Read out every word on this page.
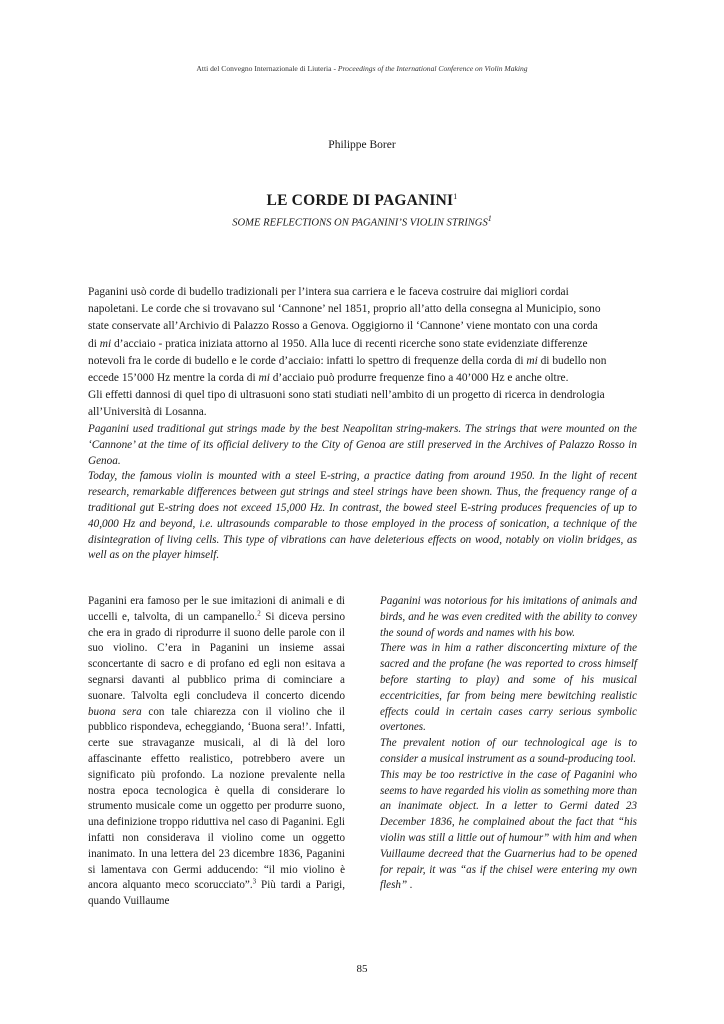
Atti del Convegno Internazionale di Liuteria - Proceedings of the International Conference on Violin Making
Philippe Borer
LE CORDE DI PAGANINI$^1$
SOME REFLECTIONS ON PAGANINI’S VIOLIN STRINGS$^1$

Paganini usò corde di budello tradizionali per l’intera sua carriera e le faceva costruire dai migliori cordai

napoletani. Le corde che si trovavano sul ‘Cannone’ nel 1851, proprio all’atto della consegna al Municipio, sono

state conservate all’Archivio di Palazzo Rosso a Genova. Oggigiorno il ‘Cannone’ viene montato con una corda

di mi d’acciaio - pratica iniziata attorno al 1950. Alla luce di recenti ricerche sono state evidenziate differenze

notevoli fra le corde di budello e le corde d’acciaio: infatti lo spettro di frequenze della corda di mi di budello non

eccede 15’000 Hz mentre la corda di mi d’acciaio può produrre frequenze fino a 40’000 Hz e anche oltre.

Gli effetti dannosi di quel tipo di ultrasuoni sono stati studiati nell’ambito di un progetto di ricerca in dendrologia

all’Università di Losanna.

Paganini used traditional gut strings made by the best Neapolitan string-makers. The strings that were mounted on the ‘Cannone’ at the time of its official delivery to the City of Genoa are still preserved in the Archives of Palazzo Rosso in Genoa.

Today, the famous violin is mounted with a steel E-string, a practice dating from around 1950. In the light of recent research, remarkable differences between gut strings and steel strings have been shown. Thus, the frequency range of a traditional gut E-string does not exceed 15,000 Hz. In contrast, the bowed steel E-string produces frequencies of up to 40,000 Hz and beyond, i.e. ultrasounds comparable to those employed in the process of sonication, a technique of the disintegration of living cells. This type of vibrations can have deleterious effects on wood, notably on violin bridges, as well as on the player himself.

Paganini era famoso per le sue imitazioni di animali e di uccelli e, talvolta, di un campanello.$^2$ Si diceva persino che era in grado di riprodurre il suono delle parole con il suo violino. C’era in Paganini un insieme assai sconcertante di sacro e di profano ed egli non esitava a segnarsi davanti al pubblico prima di cominciare a suonare. Talvolta egli concludeva il concerto dicendo buona sera con tale chiarezza con il violino che il pubblico rispondeva, echeggiando, ‘Buona sera!’. Infatti, certe sue stravaganze musicali, al di là del loro affascinante effetto realistico, potrebbero avere un significato più profondo. La nozione prevalente nella nostra epoca tecnologica è quella di considerare lo strumento musicale come un oggetto per produrre suono, una definizione troppo riduttiva nel caso di Paganini. Egli infatti non considerava il violino come un oggetto inanimato. In una lettera del 23 dicembre 1836, Paganini si lamentava con Germi adducendo: “il mio violino è ancora alquanto meco scorucciato”.$^3$ Più tardi a Parigi, quando Vuillaume

Paganini was notorious for his imitations of animals and birds, and he was even credited with the ability to convey the sound of words and names with his bow.

There was in him a rather disconcerting mixture of the sacred and the profane (he was reported to cross himself before starting to play) and some of his musical eccentricities, far from being mere bewitching realistic effects could in certain cases carry serious symbolic overtones.

The prevalent notion of our technological age is to consider a musical instrument as a sound-producing tool.

This may be too restrictive in the case of Paganini who seems to have regarded his violin as something more than an inanimate object. In a letter to Germi dated 23 December 1836, he complained about the fact that “his violin was still a little out of humour” with him and when Vuillaume decreed that the Guarnerius had to be opened for repair, it was “as if the chisel were entering my own flesh” .

85
